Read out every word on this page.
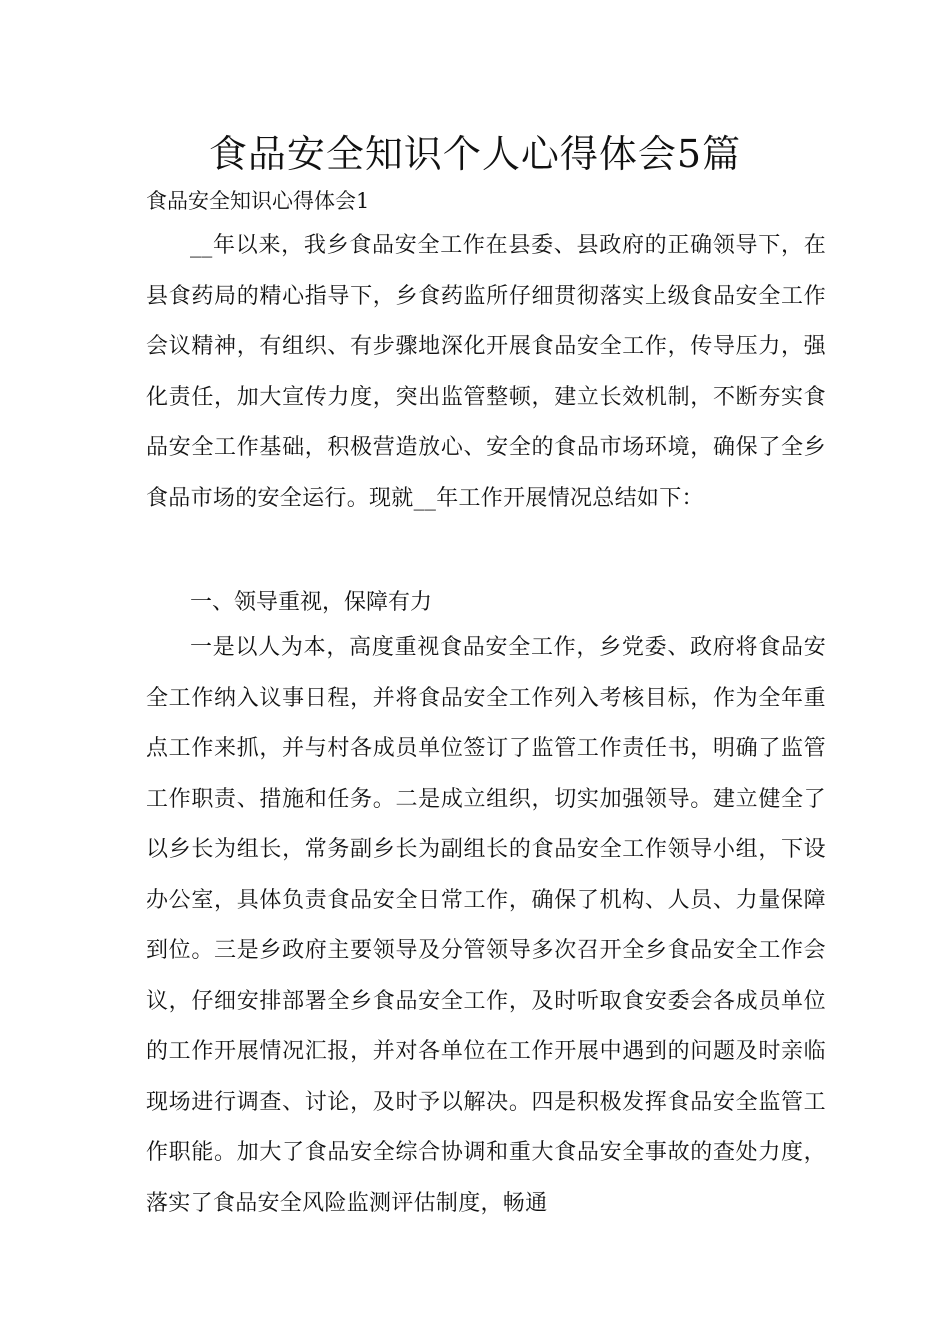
食品安全知识个人心得体会5篇
食品安全知识心得体会1

__年以来，我乡食品安全工作在县委、县政府的正确领导下，在县食药局的精心指导下，乡食药监所仔细贯彻落实上级食品安全工作会议精神，有组织、有步骤地深化开展食品安全工作，传导压力，强化责任，加大宣传力度，突出监管整顿，建立长效机制，不断夯实食品安全工作基础，积极营造放心、安全的食品市场环境，确保了全乡食品市场的安全运行。现就__年工作开展情况总结如下：

一、领导重视，保障有力

一是以人为本，高度重视食品安全工作，乡党委、政府将食品安全工作纳入议事日程，并将食品安全工作列入考核目标，作为全年重点工作来抓，并与村各成员单位签订了监管工作责任书，明确了监管工作职责、措施和任务。二是成立组织，切实加强领导。建立健全了以乡长为组长，常务副乡长为副组长的食品安全工作领导小组，下设办公室，具体负责食品安全日常工作，确保了机构、人员、力量保障到位。三是乡政府主要领导及分管领导多次召开全乡食品安全工作会议，仔细安排部署全乡食品安全工作，及时听取食安委会各成员单位的工作开展情况汇报，并对各单位在工作开展中遇到的问题及时亲临现场进行调查、讨论，及时予以解决。四是积极发挥食品安全监管工作职能。加大了食品安全综合协调和重大食品安全事故的查处力度，落实了食品安全风险监测评估制度，畅通
